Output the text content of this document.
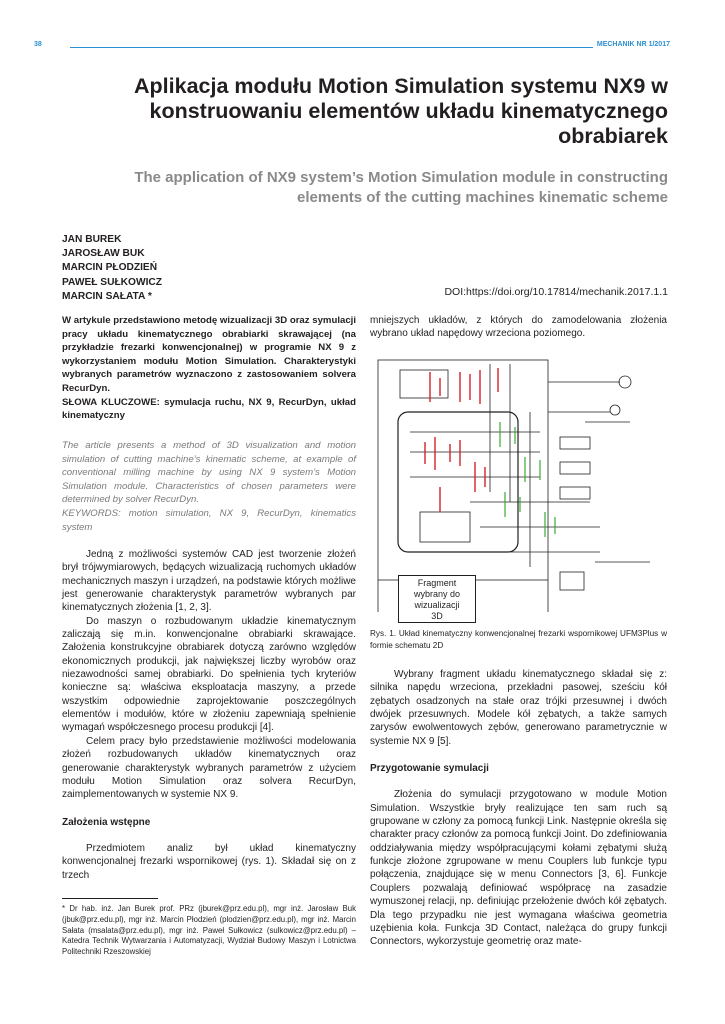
38	MECHANIK NR 1/2017
Aplikacja modułu Motion Simulation systemu NX9 w konstruowaniu elementów układu kinematycznego obrabiarek
The application of NX9 system’s Motion Simulation module in constructing elements of the cutting machines kinematic scheme
JAN BUREK
JAROSŁAW BUK
MARCIN PŁODZIEŃ
PAWEŁ SUŁKOWICZ
MARCIN SAŁATA *	DOI:https://doi.org/10.17814/mechanik.2017.1.1
W artykule przedstawiono metodę wizualizacji 3D oraz symulacji pracy układu kinematycznego obrabiarki skrawającej (na przykładzie frezarki konwencjonalnej) w programie NX 9 z wykorzystaniem modułu Motion Simulation. Charakterystyki wybranych parametrów wyznaczono z zastosowaniem solvera RecurDyn.
SŁOWA KLUCZOWE: symulacja ruchu, NX 9, RecurDyn, układ kinematyczny
The article presents a method of 3D visualization and motion simulation of cutting machine’s kinematic scheme, at example of conventional milling machine by using NX 9 system’s Motion Simulation module. Characteristics of chosen parameters were determined by solver RecurDyn.
KEYWORDS: motion simulation, NX 9, RecurDyn, kinematics system

Jedną z możliwości systemów CAD jest tworzenie złożeń brył trójwymiarowych, będących wizualizacją ruchomych układów mechanicznych maszyn i urządzeń, na podstawie których możliwe jest generowanie charakterystyk parametrów wybranych par kinematycznych złożenia [1, 2, 3].

Do maszyn o rozbudowanym układzie kinematycznym zaliczają się m.in. konwencjonalne obrabiarki skrawające. Założenia konstrukcyjne obrabiarek dotyczą zarówno względów ekonomicznych produkcji, jak największej liczby wyrobów oraz niezawodności samej obrabiarki. Do spełnienia tych kryteriów konieczne są: właściwa eksploatacja maszyny, a przede wszystkim odpowiednie zaprojektowanie poszczególnych elementów i modułów, które w złożeniu zapewniają spełnienie wymagań współczesnego procesu produkcji [4].

Celem pracy było przedstawienie możliwości modelowania złożeń rozbudowanych układów kinematycznych oraz generowanie charakterystyk wybranych parametrów z użyciem modułu Motion Simulation oraz solvera RecurDyn, zaimplementowanych w systemie NX 9.

Założenia wstępne

Przedmiotem analiz był układ kinematyczny konwencjonalnej frezarki wspornikowej (rys. 1). Składał się on z trzech

* Dr hab. inż. Jan Burek prof. PRz (jburek@prz.edu.pl), mgr inż. Jarosław Buk (jbuk@prz.edu.pl), mgr inż. Marcin Płodzień (plodzien@prz.edu.pl), mgr inż. Marcin Sałata (msalata@prz.edu.pl), mgr inż. Paweł Sułkowicz (sulkowicz@prz.edu.pl) – Katedra Technik Wytwarzania i Automatyzacji, Wydział Budowy Maszyn i Lotnictwa Politechniki Rzeszowskiej
mniejszych układów, z których do zamodelowania złożenia wybrano układ napędowy wrzeciona poziomego.
Fragment
wybrany do
wizualizacji
3D
Rys. 1. Układ kinematyczny konwencjonalnej frezarki wspornikowej UFM3Plus w formie schematu 2D

Wybrany fragment układu kinematycznego składał się z: silnika napędu wrzeciona, przekładni pasowej, sześciu kół zębatych osadzonych na stałe oraz trójki przesuwnej i dwóch dwójek przesuwnych. Modele kół zębatych, a także samych zarysów ewolwentowych zębów, generowano parametrycznie w systemie NX 9 [5].

Przygotowanie symulacji

Złożenia do symulacji przygotowano w module Motion Simulation. Wszystkie bryły realizujące ten sam ruch są grupowane w człony za pomocą funkcji Link. Następnie określa się charakter pracy członów za pomocą funkcji Joint. Do zdefiniowania oddziaływania między współpracującymi kołami zębatymi służą funkcje złożone zgrupowane w menu Couplers lub funkcje typu połączenia, znajdujące się w menu Connectors [3, 6]. Funkcje Couplers pozwalają definiować współpracę na zasadzie wymuszonej relacji, np. definiując przełożenie dwóch kół zębatych. Dla tego przypadku nie jest wymagana właściwa geometria uzębienia koła. Funkcja 3D Contact, należąca do grupy funkcji Connectors, wykorzystuje geometrię oraz mate-
